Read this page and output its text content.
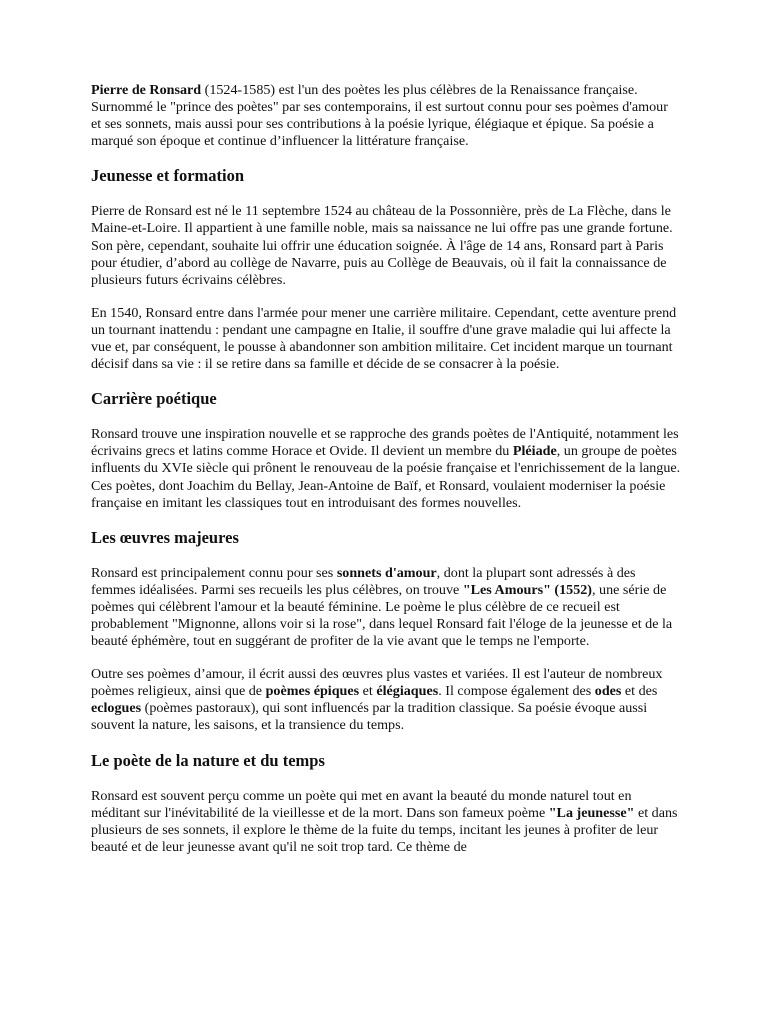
Pierre de Ronsard (1524-1585) est l'un des poètes les plus célèbres de la Renaissance française. Surnommé le "prince des poètes" par ses contemporains, il est surtout connu pour ses poèmes d'amour et ses sonnets, mais aussi pour ses contributions à la poésie lyrique, élégiaque et épique. Sa poésie a marqué son époque et continue d’influencer la littérature française.

Jeunesse et formation

Pierre de Ronsard est né le 11 septembre 1524 au château de la Possonnière, près de La Flèche, dans le Maine-et-Loire. Il appartient à une famille noble, mais sa naissance ne lui offre pas une grande fortune. Son père, cependant, souhaite lui offrir une éducation soignée. À l'âge de 14 ans, Ronsard part à Paris pour étudier, d’abord au collège de Navarre, puis au Collège de Beauvais, où il fait la connaissance de plusieurs futurs écrivains célèbres.

En 1540, Ronsard entre dans l'armée pour mener une carrière militaire. Cependant, cette aventure prend un tournant inattendu : pendant une campagne en Italie, il souffre d'une grave maladie qui lui affecte la vue et, par conséquent, le pousse à abandonner son ambition militaire. Cet incident marque un tournant décisif dans sa vie : il se retire dans sa famille et décide de se consacrer à la poésie.

Carrière poétique

Ronsard trouve une inspiration nouvelle et se rapproche des grands poètes de l'Antiquité, notamment les écrivains grecs et latins comme Horace et Ovide. Il devient un membre du Pléiade, un groupe de poètes influents du XVIe siècle qui prônent le renouveau de la poésie française et l'enrichissement de la langue. Ces poètes, dont Joachim du Bellay, Jean-Antoine de Baïf, et Ronsard, voulaient moderniser la poésie française en imitant les classiques tout en introduisant des formes nouvelles.

Les œuvres majeures

Ronsard est principalement connu pour ses sonnets d'amour, dont la plupart sont adressés à des femmes idéalisées. Parmi ses recueils les plus célèbres, on trouve "Les Amours" (1552), une série de poèmes qui célèbrent l'amour et la beauté féminine. Le poème le plus célèbre de ce recueil est probablement "Mignonne, allons voir si la rose", dans lequel Ronsard fait l'éloge de la jeunesse et de la beauté éphémère, tout en suggérant de profiter de la vie avant que le temps ne l'emporte.

Outre ses poèmes d’amour, il écrit aussi des œuvres plus vastes et variées. Il est l'auteur de nombreux poèmes religieux, ainsi que de poèmes épiques et élégiaques. Il compose également des odes et des eclogues (poèmes pastoraux), qui sont influencés par la tradition classique. Sa poésie évoque aussi souvent la nature, les saisons, et la transience du temps.

Le poète de la nature et du temps

Ronsard est souvent perçu comme un poète qui met en avant la beauté du monde naturel tout en méditant sur l'inévitabilité de la vieillesse et de la mort. Dans son fameux poème "La jeunesse" et dans plusieurs de ses sonnets, il explore le thème de la fuite du temps, incitant les jeunes à profiter de leur beauté et de leur jeunesse avant qu'il ne soit trop tard. Ce thème de
